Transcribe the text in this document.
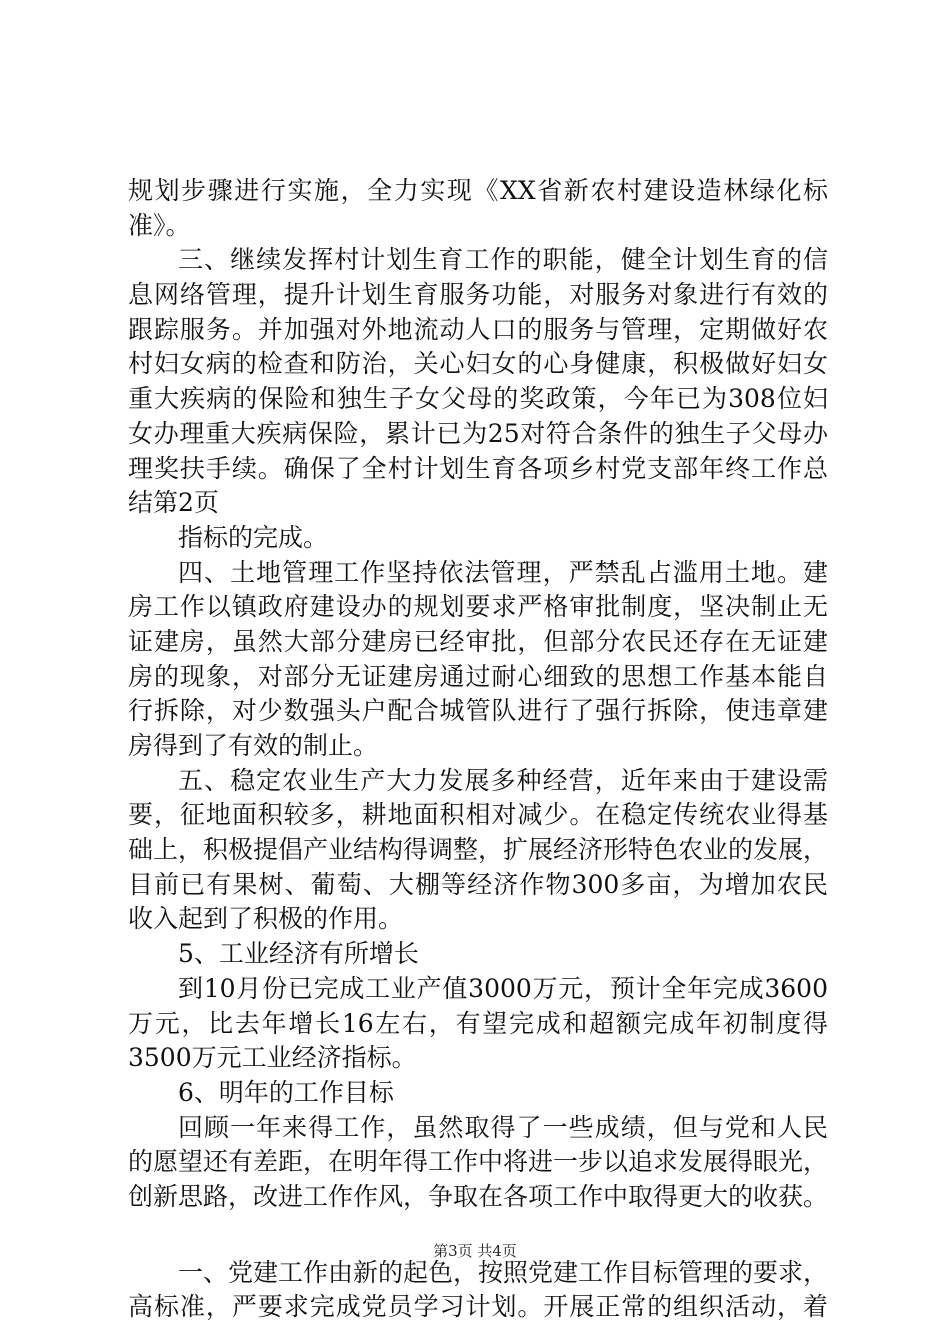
规划步骤进行实施，全力实现《XX省新农村建设造林绿化标
准》。
三、继续发挥村计划生育工作的职能，健全计划生育的信
息网络管理，提升计划生育服务功能，对服务对象进行有效的
跟踪服务。并加强对外地流动人口的服务与管理，定期做好农
村妇女病的检查和防治，关心妇女的心身健康，积极做好妇女
重大疾病的保险和独生子女父母的奖政策，今年已为308位妇
女办理重大疾病保险，累计已为25对符合条件的独生子父母办
理奖扶手续。确保了全村计划生育各项乡村党支部年终工作总
结第2页
指标的完成。
四、土地管理工作坚持依法管理，严禁乱占滥用土地。建
房工作以镇政府建设办的规划要求严格审批制度，坚决制止无
证建房，虽然大部分建房已经审批，但部分农民还存在无证建
房的现象，对部分无证建房通过耐心细致的思想工作基本能自
行拆除，对少数强头户配合城管队进行了强行拆除，使违章建
房得到了有效的制止。
五、稳定农业生产大力发展多种经营，近年来由于建设需
要，征地面积较多，耕地面积相对减少。在稳定传统农业得基
础上，积极提倡产业结构得调整，扩展经济形特色农业的发展，
目前已有果树、葡萄、大棚等经济作物300多亩，为增加农民
收入起到了积极的作用。
5、工业经济有所增长
到10月份已完成工业产值3000万元，预计全年完成3600
万元，比去年增长16左右，有望完成和超额完成年初制度得
3500万元工业经济指标。
6、明年的工作目标
回顾一年来得工作，虽然取得了一些成绩，但与党和人民
的愿望还有差距，在明年得工作中将进一步以追求发展得眼光，
创新思路，改进工作作风，争取在各项工作中取得更大的收获。
一、党建工作由新的起色，按照党建工作目标管理的要求，
高标准，严要求完成党员学习计划。开展正常的组织活动，着
第3页 共4页
